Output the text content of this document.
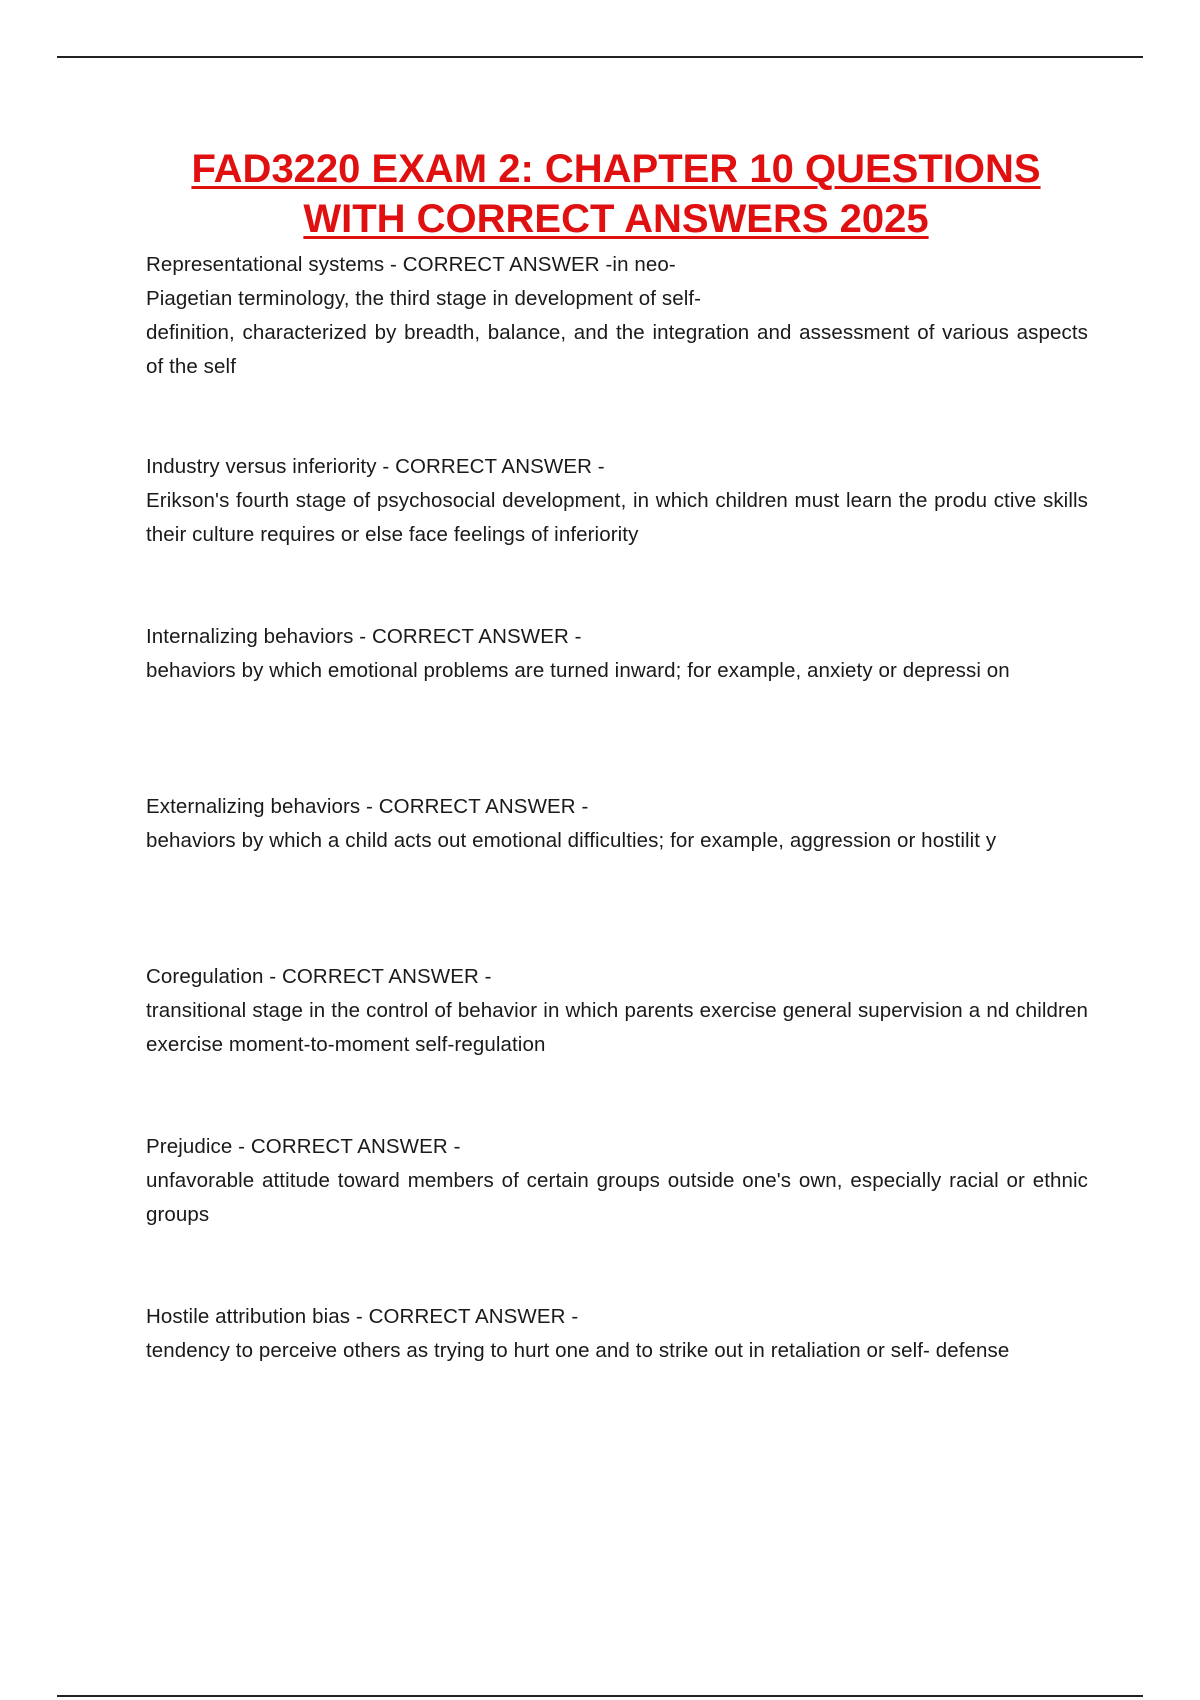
FAD3220 EXAM 2: CHAPTER 10 QUESTIONS
WITH CORRECT ANSWERS 2025
Representational systems - CORRECT ANSWER -in neo-
Piagetian terminology, the third stage in development of self-
definition, characterized by breadth, balance, and the integration and assessment of various aspects of the self
Industry versus inferiority - CORRECT ANSWER -
Erikson's fourth stage of psychosocial development, in which children must learn the produ ctive skills their culture requires or else face feelings of inferiority
Internalizing behaviors - CORRECT ANSWER -
behaviors by which emotional problems are turned inward; for example, anxiety or depressi on
Externalizing behaviors - CORRECT ANSWER -
behaviors by which a child acts out emotional difficulties; for example, aggression or hostilit y
Coregulation - CORRECT ANSWER -
transitional stage in the control of behavior in which parents exercise general supervision a nd children exercise moment-to-moment self-regulation
Prejudice - CORRECT ANSWER -
unfavorable attitude toward members of certain groups outside one's own, especially racial or ethnic groups
Hostile attribution bias - CORRECT ANSWER -
tendency to perceive others as trying to hurt one and to strike out in retaliation or self- defense
